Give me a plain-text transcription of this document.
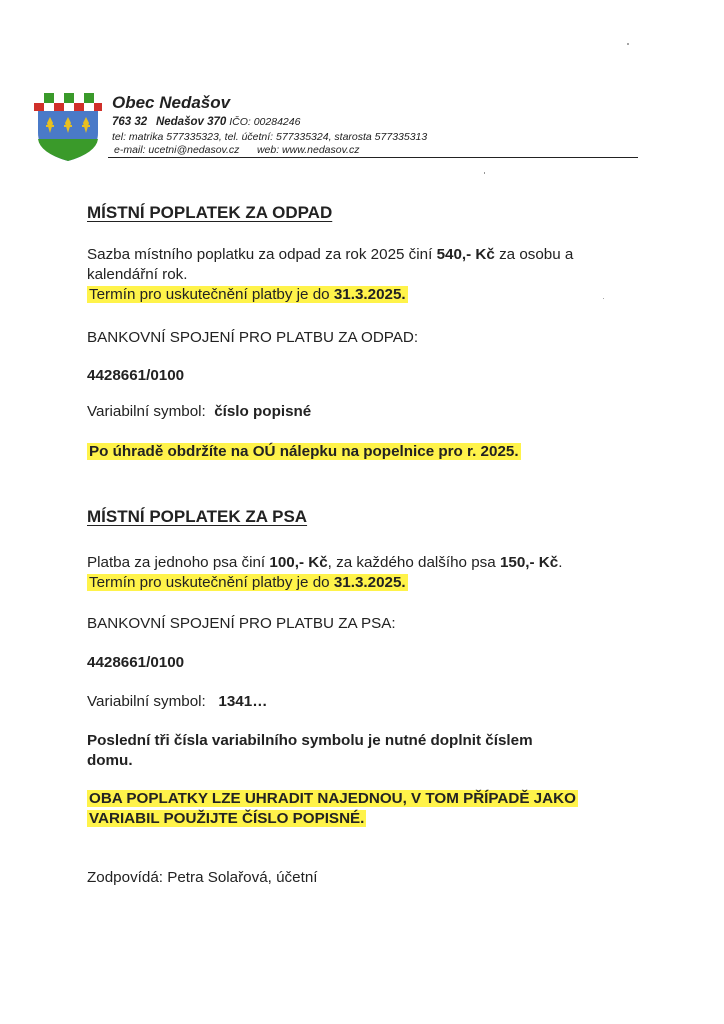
Obec Nedašov
763 32 Nedašov 370 IČO: 00284246
tel: matrika 577335323, tel. účetní: 577335324, starosta 577335313
e-mail: ucetni@nedasov.cz web: www.nedasov.cz
MÍSTNÍ POPLATEK ZA ODPAD
Sazba místního poplatku za odpad za rok 2025 činí 540,- Kč za osobu a
kalendářní rok.
Termín pro uskutečnění platby je do 31.3.2025.
BANKOVNÍ SPOJENÍ PRO PLATBU ZA ODPAD:
4428661/0100
Variabilní symbol: číslo popisné
Po úhradě obdržíte na OÚ nálepku na popelnice pro r. 2025.
MÍSTNÍ POPLATEK ZA PSA
Platba za jednoho psa činí 100,- Kč, za každého dalšího psa 150,- Kč.
Termín pro uskutečnění platby je do 31.3.2025.
BANKOVNÍ SPOJENÍ PRO PLATBU ZA PSA:
4428661/0100
Variabilní symbol: 1341…
Poslední tři čísla variabilního symbolu je nutné doplnit číslem
domu.
OBA POPLATKY LZE UHRADIT NAJEDNOU, V TOM PŘÍPADĚ JAKO
VARIABIL POUŽIJTE ČÍSLO POPISNÉ.
Zodpovídá: Petra Solařová, účetní
